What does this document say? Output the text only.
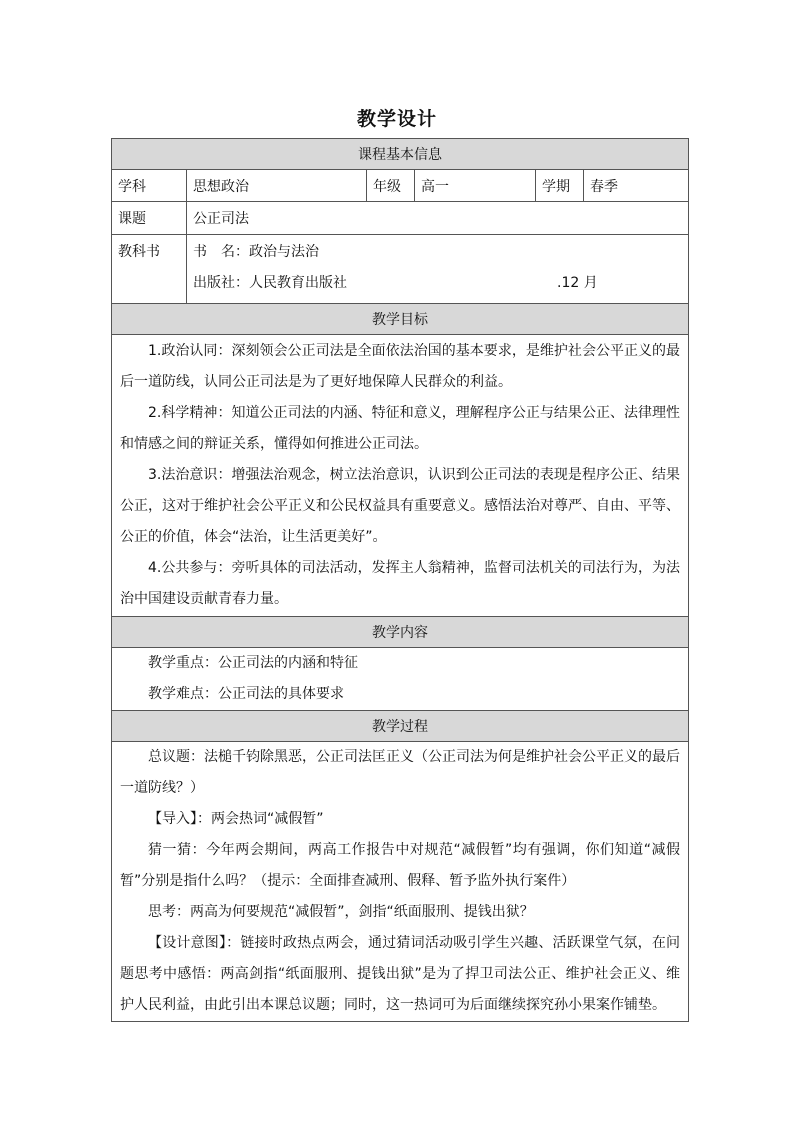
教学设计
课程基本信息					
学科	思想政治	年级	高一	学期	春季
课题	公正司法				
教科书	书　名：政治与法治
出版社：人民教育出版社 .12 月				

教学目标					

1.政治认同：深刻领会公正司法是全面依法治国的基本要求，是维护社会公平正义的最后一道防线，认同公正司法是为了更好地保障人民群众的利益。

2.科学精神：知道公正司法的内涵、特征和意义，理解程序公正与结果公正、法律理性和情感之间的辩证关系，懂得如何推进公正司法。

3.法治意识：增强法治观念，树立法治意识，认识到公正司法的表现是程序公正、结果公正，这对于维护社会公平正义和公民权益具有重要意义。感悟法治对尊严、自由、平等、公正的价值，体会“法治，让生活更美好”。

4.公共参与：旁听具体的司法活动，发挥主人翁精神，监督司法机关的司法行为，为法治中国建设贡献青春力量。					

教学内容					

教学重点：公正司法的内涵和特征

教学难点：公正司法的具体要求					

教学过程					

总议题：法槌千钧除黑恶，公正司法匡正义（公正司法为何是维护社会公平正义的最后一道防线？）

【导入】：两会热词“减假暂”

猜一猜：今年两会期间，两高工作报告中对规范“减假暂”均有强调，你们知道“减假暂”分别是指什么吗？（提示：全面排查减刑、假释、暂予监外执行案件）

思考：两高为何要规范“减假暂”，剑指“纸面服刑、提钱出狱？

【设计意图】：链接时政热点两会，通过猜词活动吸引学生兴趣、活跃课堂气氛，在问题思考中感悟：两高剑指“纸面服刑、提钱出狱”是为了捍卫司法公正、维护社会正义、维护人民利益，由此引出本课总议题；同时，这一热词可为后面继续探究孙小果案作铺垫。					
